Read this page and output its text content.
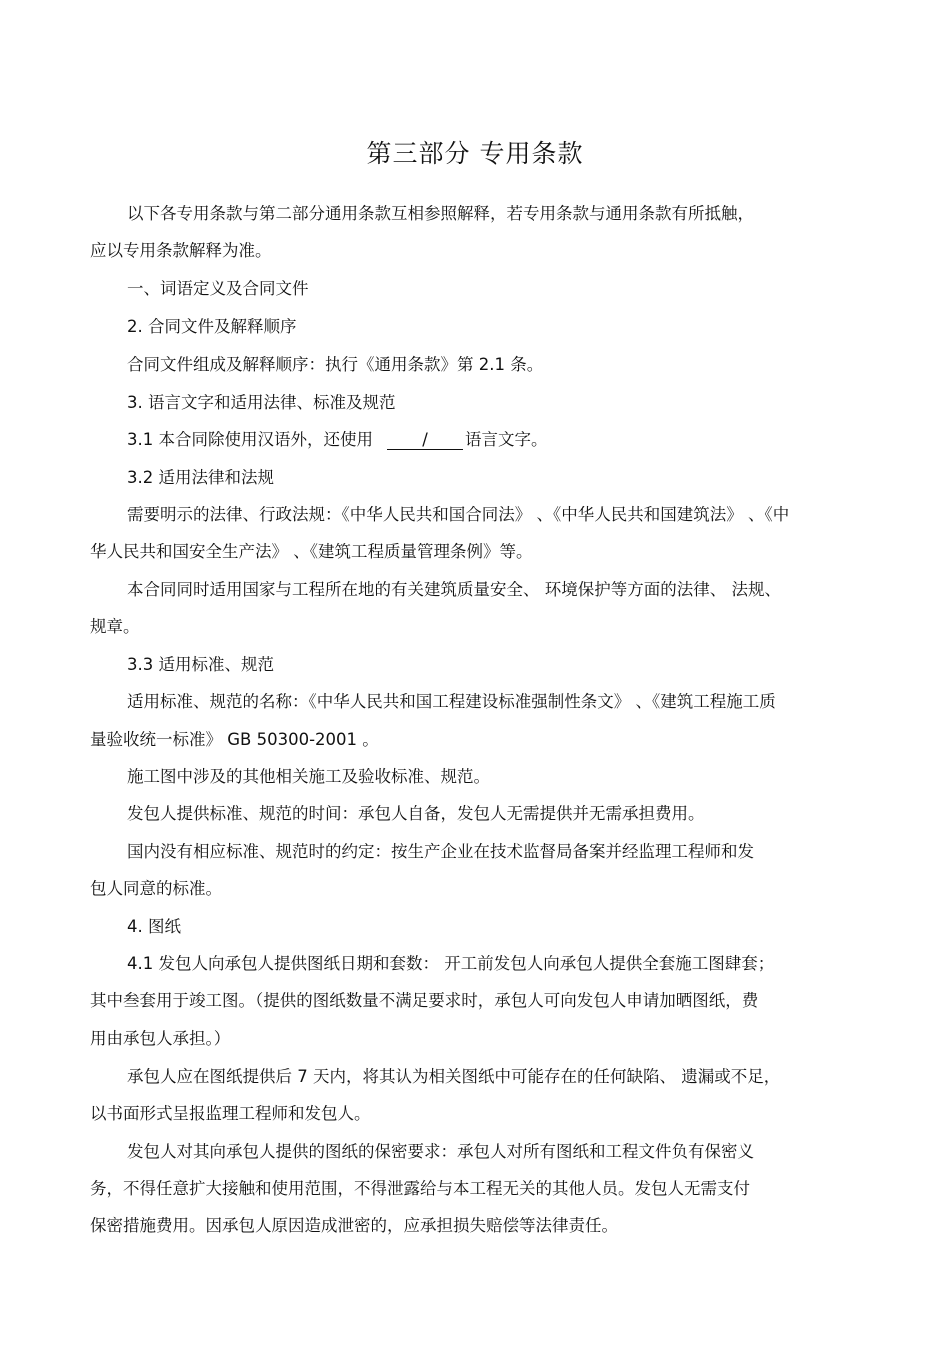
第三部分 专用条款
以下各专用条款与第二部分通用条款互相参照解释，若专用条款与通用条款有所抵触，
应以专用条款解释为准。
一、词语定义及合同文件
2. 合同文件及解释顺序
合同文件组成及解释顺序：执行《通用条款》第 2.1 条。
3. 语言文字和适用法律、标准及规范
3.1 本合同除使用汉语外，还使用	/ 语言文字。
3.2 适用法律和法规
需要明示的法律、行政法规：《中华人民共和国合同法》 、《中华人民共和国建筑法》 、《中
华人民共和国安全生产法》 、《建筑工程质量管理条例》等。
本合同同时适用国家与工程所在地的有关建筑质量安全、 环境保护等方面的法律、 法规、
规章。
3.3 适用标准、规范
适用标准、规范的名称：《中华人民共和国工程建设标准强制性条文》 、《建筑工程施工质
量验收统一标准》 GB 50300-2001 。
施工图中涉及的其他相关施工及验收标准、规范。
发包人提供标准、规范的时间：承包人自备，发包人无需提供并无需承担费用。
国内没有相应标准、规范时的约定：按生产企业在技术监督局备案并经监理工程师和发
包人同意的标准。
4. 图纸
4.1 发包人向承包人提供图纸日期和套数： 开工前发包人向承包人提供全套施工图肆套；
其中叁套用于竣工图。（提供的图纸数量不满足要求时，承包人可向发包人申请加晒图纸，费
用由承包人承担。）
承包人应在图纸提供后 7 天内，将其认为相关图纸中可能存在的任何缺陷、 遗漏或不足，
以书面形式呈报监理工程师和发包人。
发包人对其向承包人提供的图纸的保密要求：承包人对所有图纸和工程文件负有保密义
务，不得任意扩大接触和使用范围，不得泄露给与本工程无关的其他人员。发包人无需支付
保密措施费用。因承包人原因造成泄密的，应承担损失赔偿等法律责任。
